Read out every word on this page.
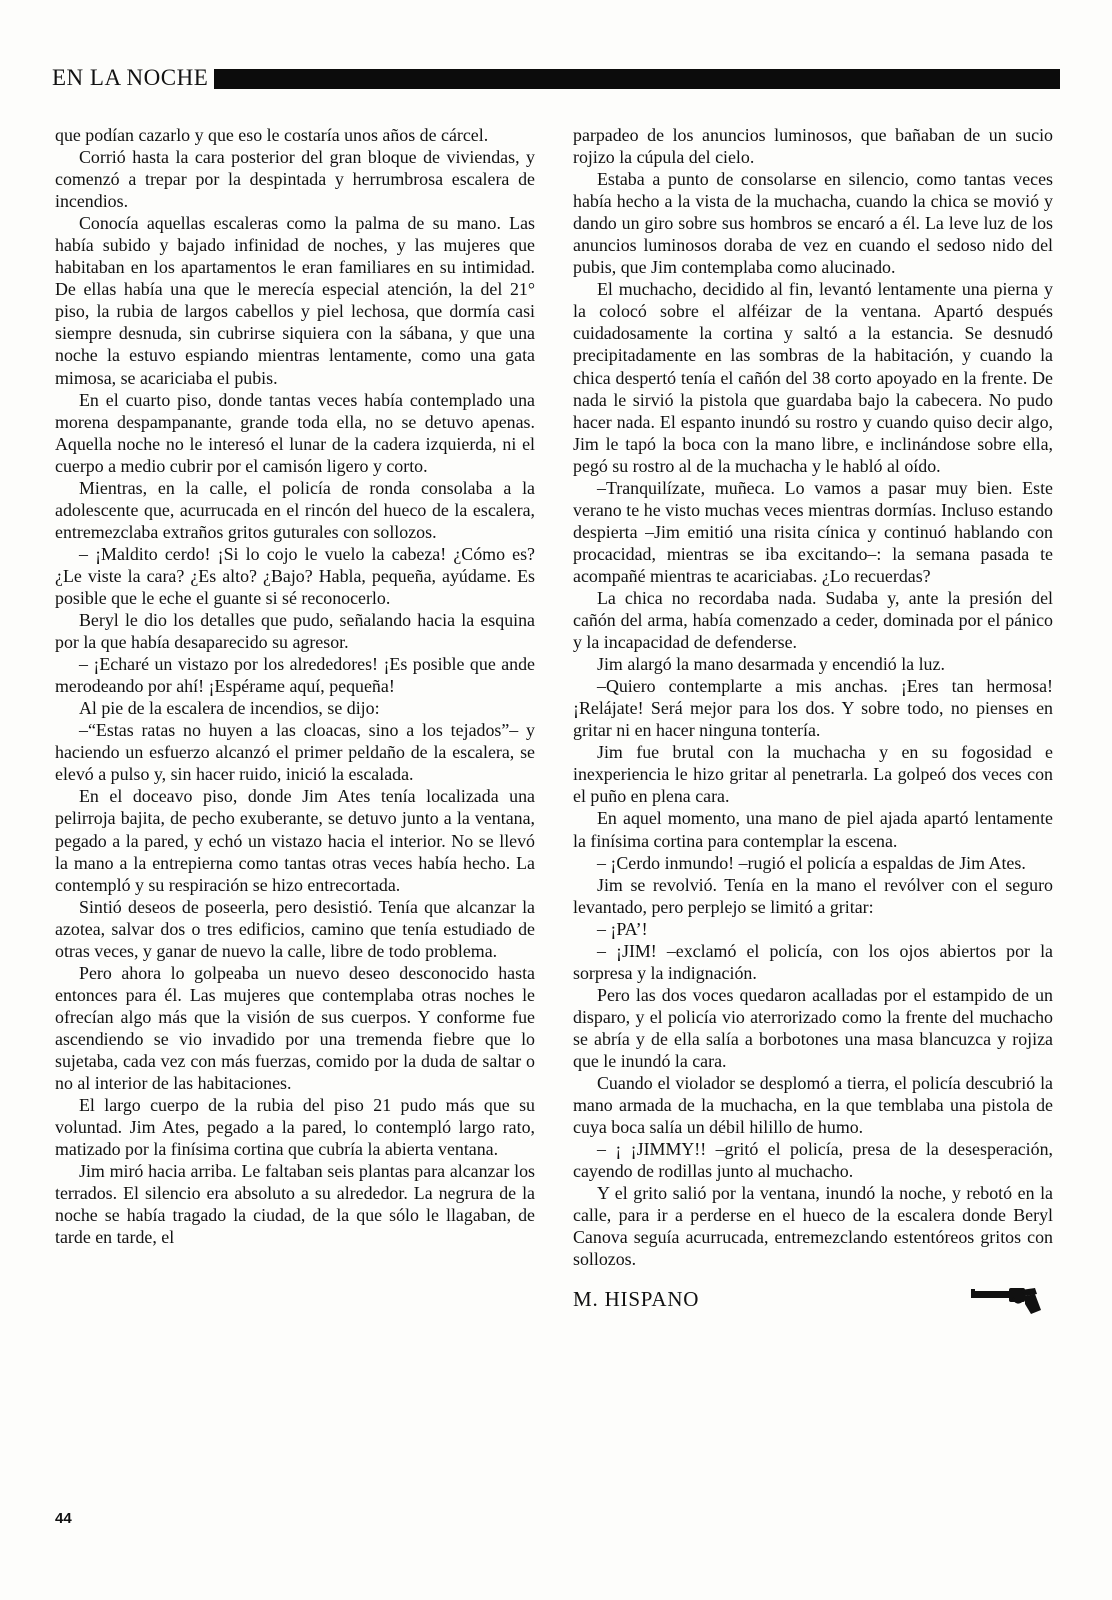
EN LA NOCHE

que podían cazarlo y que eso le costaría unos años de cárcel.

Corrió hasta la cara posterior del gran bloque de viviendas, y comenzó a trepar por la despintada y herrumbrosa escalera de incendios.

Conocía aquellas escaleras como la palma de su mano. Las había subido y bajado infinidad de noches, y las mujeres que habitaban en los apartamentos le eran familiares en su intimidad. De ellas había una que le merecía especial atención, la del 21° piso, la rubia de largos cabellos y piel lechosa, que dormía casi siempre desnuda, sin cubrirse siquiera con la sábana, y que una noche la estuvo espiando mientras lentamente, como una gata mimosa, se acariciaba el pubis.

En el cuarto piso, donde tantas veces había contemplado una morena despampanante, grande toda ella, no se detuvo apenas. Aquella noche no le interesó el lunar de la cadera izquierda, ni el cuerpo a medio cubrir por el camisón ligero y corto.

Mientras, en la calle, el policía de ronda consolaba a la adolescente que, acurrucada en el rincón del hueco de la escalera, entremezclaba extraños gritos guturales con sollozos.

– ¡Maldito cerdo! ¡Si lo cojo le vuelo la cabeza! ¿Cómo es? ¿Le viste la cara? ¿Es alto? ¿Bajo? Habla, pequeña, ayúdame. Es posible que le eche el guante si sé reconocerlo.

Beryl le dio los detalles que pudo, señalando hacia la esquina por la que había desaparecido su agresor.

– ¡Echaré un vistazo por los alrededores! ¡Es posible que ande merodeando por ahí! ¡Espérame aquí, pequeña!

Al pie de la escalera de incendios, se dijo:

–“Estas ratas no huyen a las cloacas, sino a los tejados”– y haciendo un esfuerzo alcanzó el primer peldaño de la escalera, se elevó a pulso y, sin hacer ruido, inició la escalada.

En el doceavo piso, donde Jim Ates tenía localizada una pelirroja bajita, de pecho exuberante, se detuvo junto a la ventana, pegado a la pared, y echó un vistazo hacia el interior. No se llevó la mano a la entrepierna como tantas otras veces había hecho. La contempló y su respiración se hizo entrecortada.

Sintió deseos de poseerla, pero desistió. Tenía que alcanzar la azotea, salvar dos o tres edificios, camino que tenía estudiado de otras veces, y ganar de nuevo la calle, libre de todo problema.

Pero ahora lo golpeaba un nuevo deseo desconocido hasta entonces para él. Las mujeres que contemplaba otras noches le ofrecían algo más que la visión de sus cuerpos. Y conforme fue ascendiendo se vio invadido por una tremenda fiebre que lo sujetaba, cada vez con más fuerzas, comido por la duda de saltar o no al interior de las habitaciones.

El largo cuerpo de la rubia del piso 21 pudo más que su voluntad. Jim Ates, pegado a la pared, lo contempló largo rato, matizado por la finísima cortina que cubría la abierta ventana.

Jim miró hacia arriba. Le faltaban seis plantas para alcanzar los terrados. El silencio era absoluto a su alrededor. La negrura de la noche se había tragado la ciudad, de la que sólo le llagaban, de tarde en tarde, el

parpadeo de los anuncios luminosos, que bañaban de un sucio rojizo la cúpula del cielo.

Estaba a punto de consolarse en silencio, como tantas veces había hecho a la vista de la muchacha, cuando la chica se movió y dando un giro sobre sus hombros se encaró a él. La leve luz de los anuncios luminosos doraba de vez en cuando el sedoso nido del pubis, que Jim contemplaba como alucinado.

El muchacho, decidido al fin, levantó lentamente una pierna y la colocó sobre el alféizar de la ventana. Apartó después cuidadosamente la cortina y saltó a la estancia. Se desnudó precipitadamente en las sombras de la habitación, y cuando la chica despertó tenía el cañón del 38 corto apoyado en la frente. De nada le sirvió la pistola que guardaba bajo la cabecera. No pudo hacer nada. El espanto inundó su rostro y cuando quiso decir algo, Jim le tapó la boca con la mano libre, e inclinándose sobre ella, pegó su rostro al de la muchacha y le habló al oído.

–Tranquilízate, muñeca. Lo vamos a pasar muy bien. Este verano te he visto muchas veces mientras dormías. Incluso estando despierta –Jim emitió una risita cínica y continuó hablando con procacidad, mientras se iba excitando–: la semana pasada te acompañé mientras te acariciabas. ¿Lo recuerdas?

La chica no recordaba nada. Sudaba y, ante la presión del cañón del arma, había comenzado a ceder, dominada por el pánico y la incapacidad de defenderse.

Jim alargó la mano desarmada y encendió la luz.

–Quiero contemplarte a mis anchas. ¡Eres tan hermosa! ¡Relájate! Será mejor para los dos. Y sobre todo, no pienses en gritar ni en hacer ninguna tontería.

Jim fue brutal con la muchacha y en su fogosidad e inexperiencia le hizo gritar al penetrarla. La golpeó dos veces con el puño en plena cara.

En aquel momento, una mano de piel ajada apartó lentamente la finísima cortina para contemplar la escena.

– ¡Cerdo inmundo! –rugió el policía a espaldas de Jim Ates.

Jim se revolvió. Tenía en la mano el revólver con el seguro levantado, pero perplejo se limitó a gritar:

– ¡PA’!

– ¡JIM! –exclamó el policía, con los ojos abiertos por la sorpresa y la indignación.

Pero las dos voces quedaron acalladas por el estampido de un disparo, y el policía vio aterrorizado como la frente del muchacho se abría y de ella salía a borbotones una masa blancuzca y rojiza que le inundó la cara.

Cuando el violador se desplomó a tierra, el policía descubrió la mano armada de la muchacha, en la que temblaba una pistola de cuya boca salía un débil hilillo de humo.

– ¡ ¡JIMMY!! –gritó el policía, presa de la desesperación, cayendo de rodillas junto al muchacho.

Y el grito salió por la ventana, inundó la noche, y rebotó en la calle, para ir a perderse en el hueco de la escalera donde Beryl Canova seguía acurrucada, entremezclando estentóreos gritos con sollozos.

M. HISPANO
44
